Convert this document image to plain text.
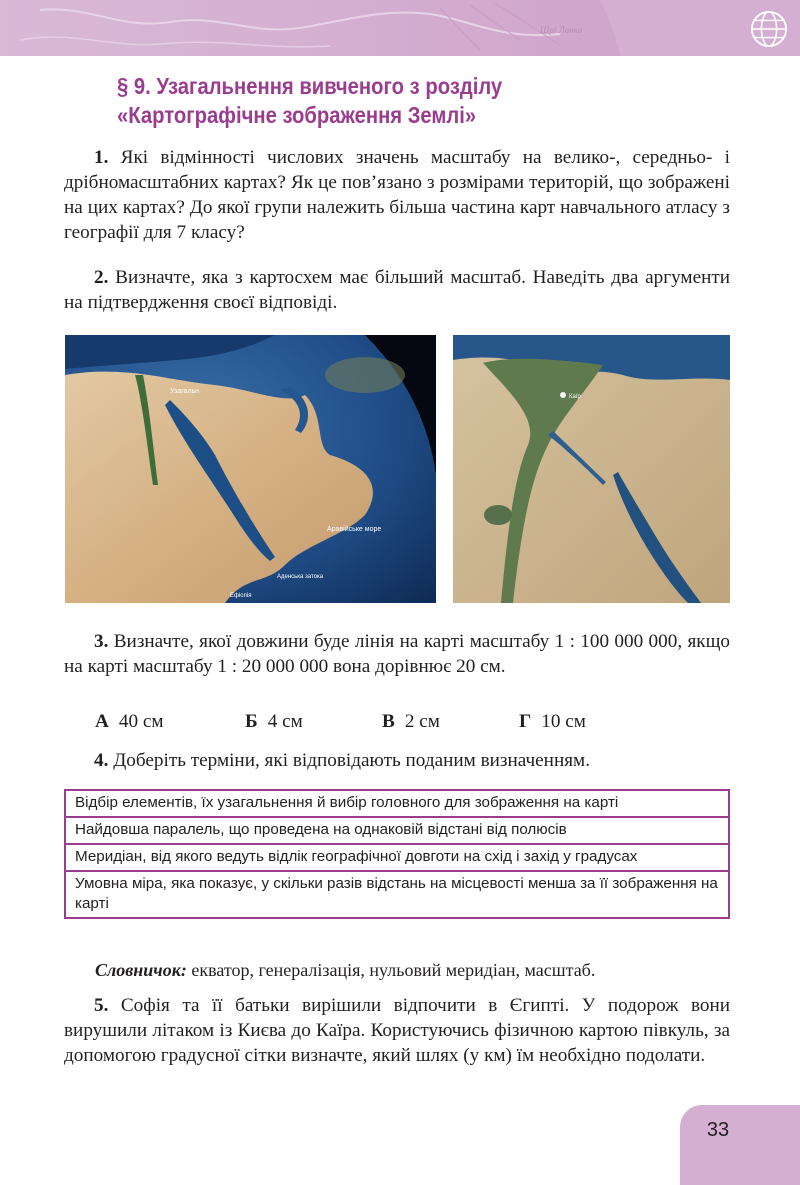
Шрі Ланка
§ 9. Узагальнення вивченого з розділу
«Картографічне зображення Землі»
1. Які відмінності числових значень масштабу на велико-, середньо- і дрібномасштабних картах? Як це пов’язано з розмірами територій, що зображені на цих картах? До якої групи належить більша частина карт навчального атласу з географії для 7 класу?
2. Визначте, яка з картосхем має більший масштаб. Наведіть два аргументи на підтвердження своєї відповіді.
Узагальн
Аравійське море
Аденська затока
Ефіопія
Каїр
3. Визначте, якої довжини буде лінія на карті масштабу 1 : 100 000 000, якщо на карті масштабу 1 : 20 000 000 вона дорівнює 20 см.
А 40 см	Б 4 см	В 2 см	Г 10 см
4. Доберіть терміни, які відповідають поданим визначенням.
Відбір елементів, їх узагальнення й вибір головного для зображення на карті
Найдовша паралель, що проведена на однаковій відстані від полюсів
Меридіан, від якого ведуть відлік географічної довготи на схід і захід у градусах
Умовна міра, яка показує, у скільки разів відстань на місцевості менша за її зображення на карті
Словничок: екватор, генералізація, нульовий меридіан, масштаб.
5. Софія та її батьки вирішили відпочити в Єгипті. У подорож вони вирушили літаком із Києва до Каїра. Користуючись фізичною картою півкуль, за допомогою градусної сітки визначте, який шлях (у км) їм необхідно подолати.
33
